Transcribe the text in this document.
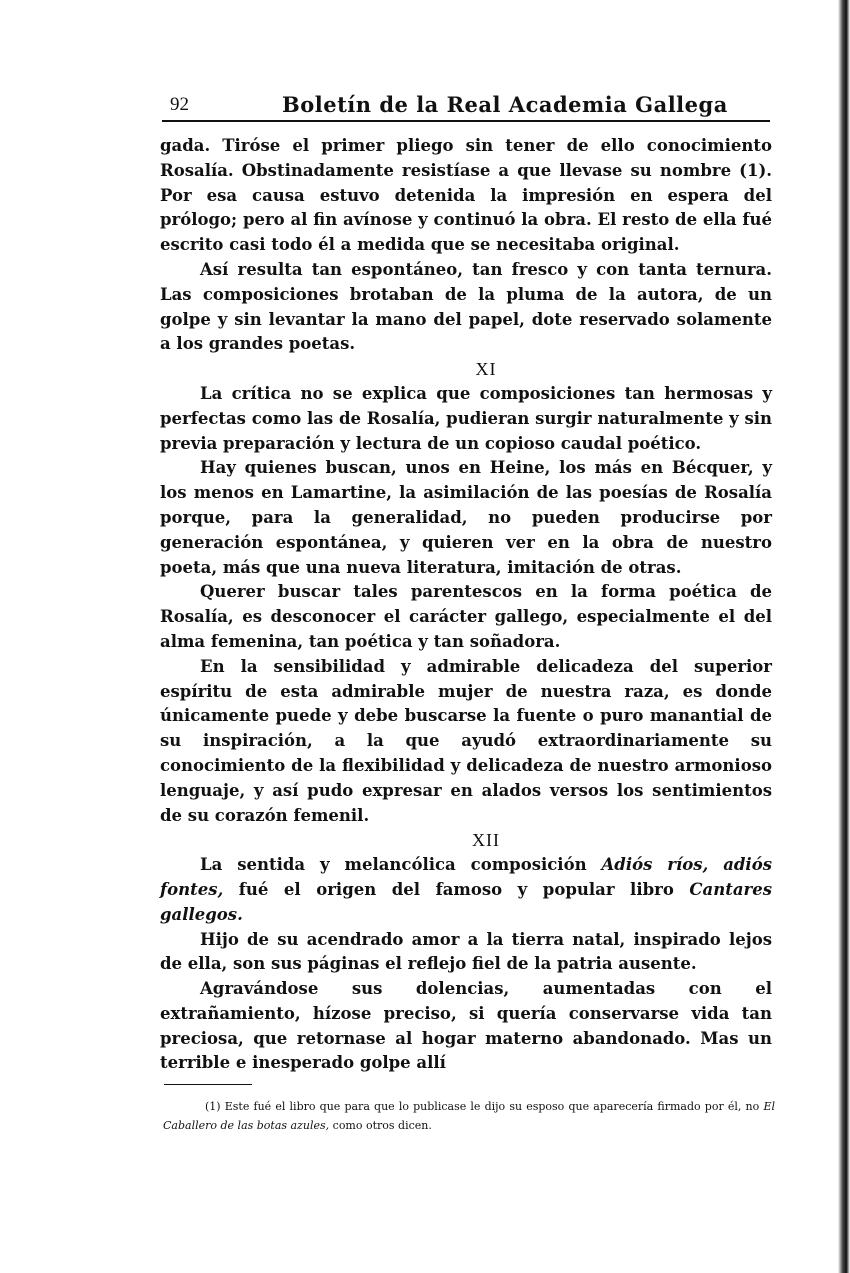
92	Boletín de la Real Academia Gallega

gada. Tiróse el primer pliego sin tener de ello conocimiento Rosalía. Obstinadamente resistíase a que llevase su nombre (1). Por esa causa estuvo detenida la impresión en espera del prólogo; pero al fin avínose y continuó la obra. El resto de ella fué escrito casi todo él a medida que se necesitaba original.

Así resulta tan espontáneo, tan fresco y con tanta ternura. Las composiciones brotaban de la pluma de la autora, de un golpe y sin levantar la mano del papel, dote reservado solamente a los grandes poetas.

XI

La crítica no se explica que composiciones tan hermosas y perfectas como las de Rosalía, pudieran surgir naturalmente y sin previa preparación y lectura de un copioso caudal poético.

Hay quienes buscan, unos en Heine, los más en Bécquer, y los menos en Lamartine, la asimilación de las poesías de Rosalía porque, para la generalidad, no pueden producirse por generación espontánea, y quieren ver en la obra de nuestro poeta, más que una nueva literatura, imitación de otras.

Querer buscar tales parentescos en la forma poética de Rosalía, es desconocer el carácter gallego, especialmente el del alma femenina, tan poética y tan soñadora.

En la sensibilidad y admirable delicadeza del superior espíritu de esta admirable mujer de nuestra raza, es donde únicamente puede y debe buscarse la fuente o puro manantial de su inspiración, a la que ayudó extraordinariamente su conocimiento de la flexibilidad y delicadeza de nuestro armonioso lenguaje, y así pudo expresar en alados versos los sentimientos de su corazón femenil.

XII

La sentida y melancólica composición Adiós ríos, adiós fontes, fué el origen del famoso y popular libro Cantares gallegos.

Hijo de su acendrado amor a la tierra natal, inspirado lejos de ella, son sus páginas el reflejo fiel de la patria ausente.

Agravándose sus dolencias, aumentadas con el extrañamiento, hízose preciso, si quería conservarse vida tan preciosa, que retornase al hogar materno abandonado. Mas un terrible e inesperado golpe allí

(1) Este fué el libro que para que lo publicase le dijo su esposo que aparecería firmado por él, no El Caballero de las botas azules, como otros dicen.
